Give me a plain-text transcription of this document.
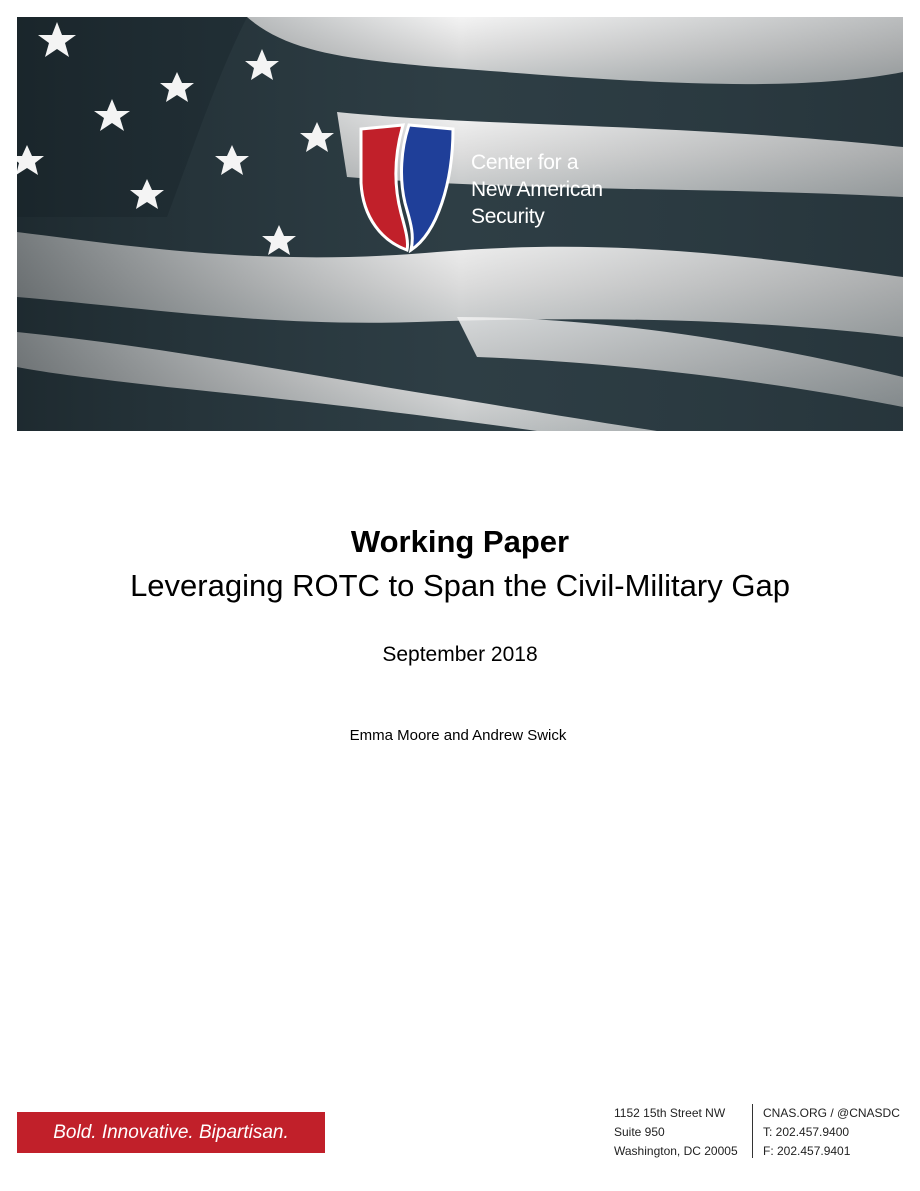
Center for a
New American
Security

Working Paper

Leveraging ROTC to Span the Civil-Military Gap

September 2018
Emma Moore and Andrew Swick
Bold. Innovative. Bipartisan.
1152 15th Street NW
Suite 950
Washington, DC 20005
CNAS.ORG / @CNASDC
T: 202.457.9400
F: 202.457.9401
